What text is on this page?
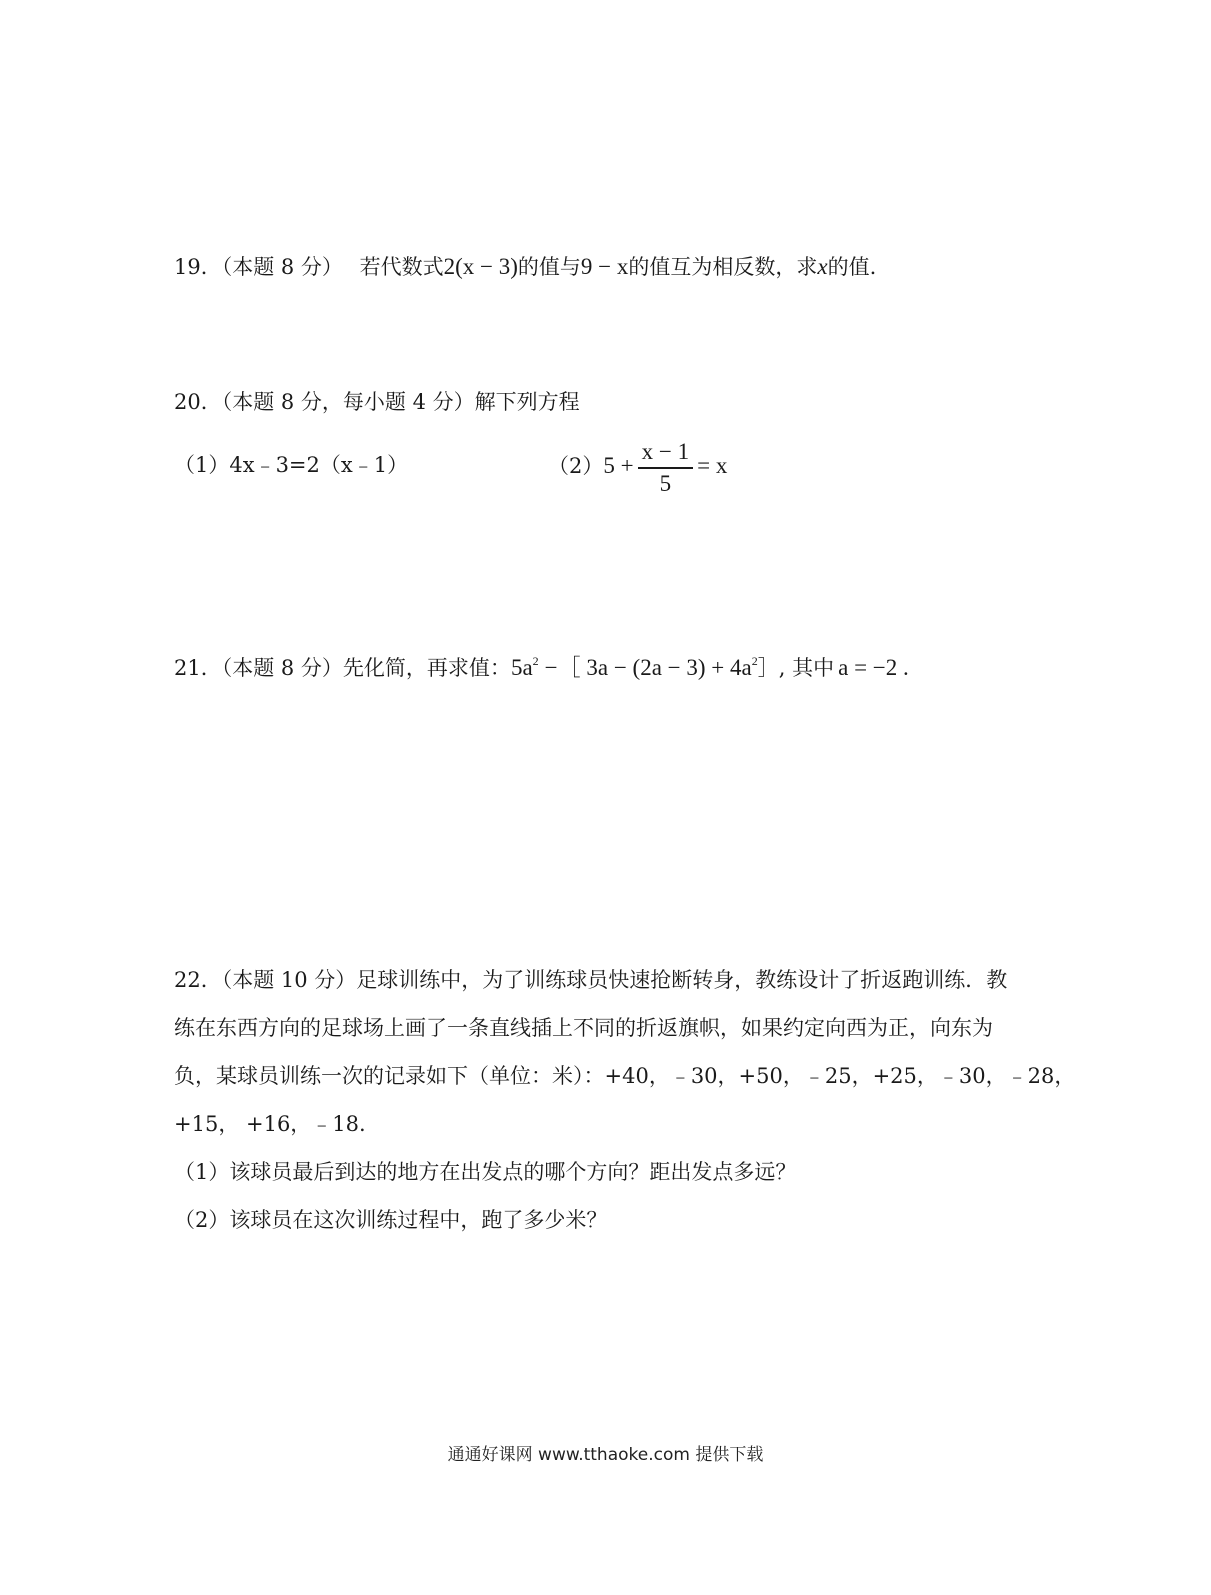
19．（本题 8 分） 若代数式2(x − 3)的值与9 − x的值互为相反数，求x的值.
20．（本题 8 分，每小题 4 分）解下列方程
（1）4x﹣3=2（x﹣1）	$(2)5 + \frac{x - 1}{5} = x$
21．（本题 8 分）先化简，再求值：$5a^2$ −［ $3a - (2a - 3) + 4a^2]$, 其中 a = −2 .
22．（本题 10 分）足球训练中，为了训练球员快速抢断转身，教练设计了折返跑训练．教
练在东西方向的足球场上画了一条直线插上不同的折返旗帜，如果约定向西为正，向东为
负，某球员训练一次的记录如下（单位：米）：+40，﹣30，+50，﹣25，+25，﹣30，﹣28，
+15， +16，﹣18.
（1）该球员最后到达的地方在出发点的哪个方向？距出发点多远？
（2）该球员在这次训练过程中，跑了多少米？
通通好课网 www.tthaoke.com 提供下载
